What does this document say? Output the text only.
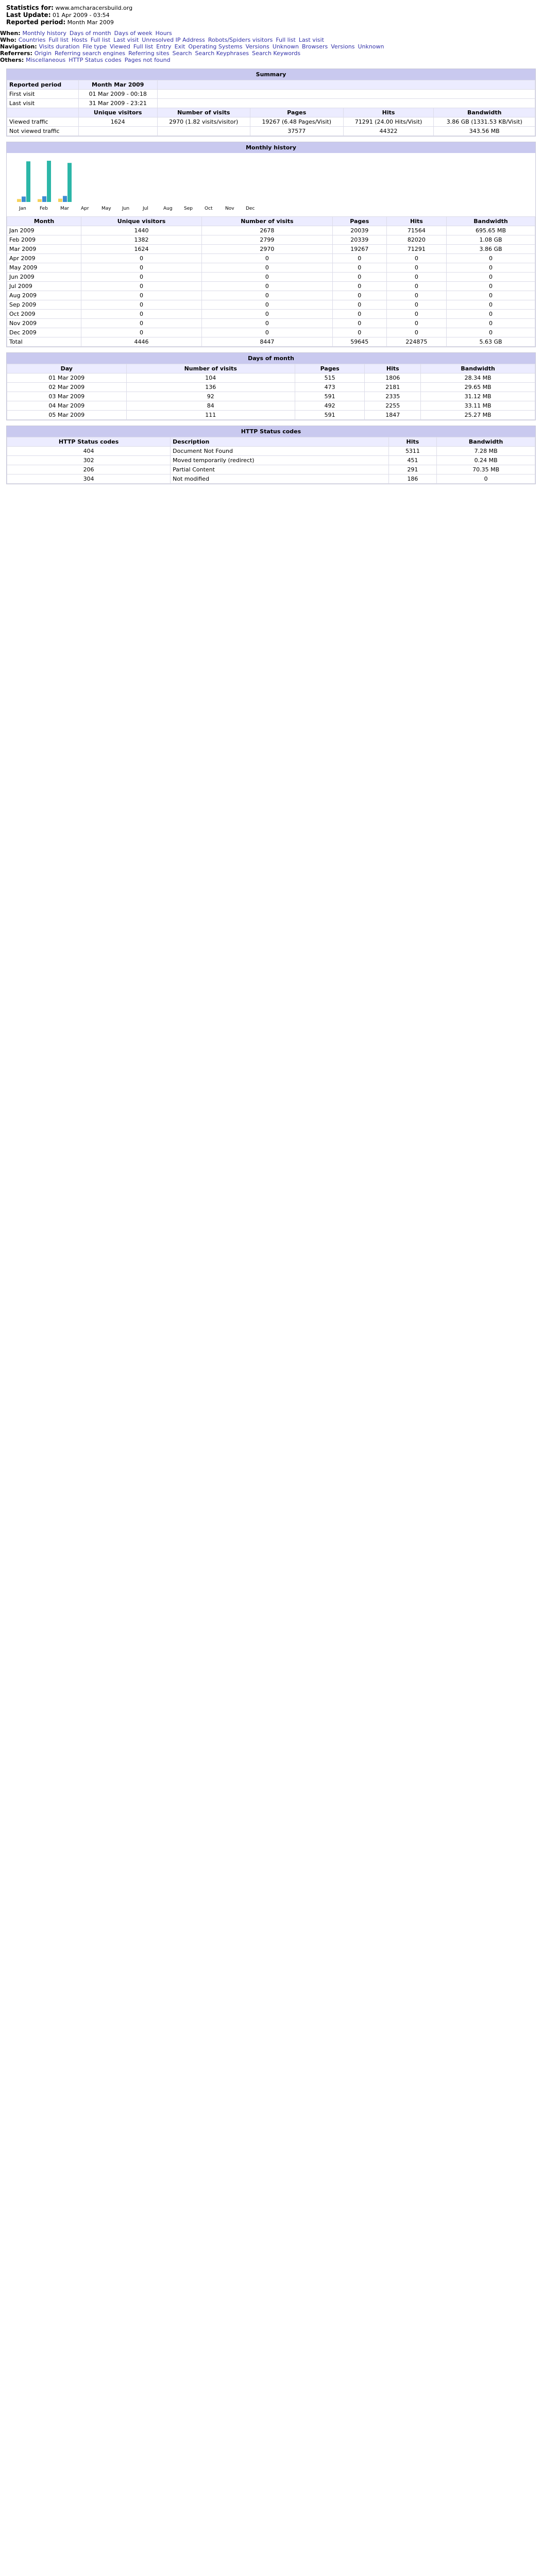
Statistics for: www.amcharacersbuild.org
Last Update: 01 Apr 2009 - 03:54
Reported period: Month Mar 2009
When: Monthly history Days of month Days of week Hours
Who: Countries Full list Hosts Full list Last visit Unresolved IP Address Robots/Spiders visitors Full list Last visit
Navigation: Visits duration File type Viewed Full list Entry Exit Operating Systems Versions Unknown Browsers Versions Unknown
Referrers: Origin Referring search engines Referring sites Search Search Keyphrases Search Keywords
Others: Miscellaneous HTTP Status codes Pages not found
Summary
Reported period	Month Mar 2009				
First visit	01 Mar 2009 - 00:18				
Last visit	31 Mar 2009 - 23:21				
	Unique visitors	Number of visits	Pages	Hits	Bandwidth
Viewed traffic	1624	2970 (1.82 visits/visitor)	19267 (6.48 Pages/Visit)	71291 (24.00 Hits/Visit)	3.86 GB (1331.53 KB/Visit)
Not viewed traffic			37577	44322	343.56 MB
Monthly history
Jan	Feb	Mar	Apr	May Jun	Jul	Aug Sep	Oct	Nov Dec
Month	Unique visitors	Number of visits	Pages	Hits	Bandwidth
Jan 2009	1440	2678	20039	71564	695.65 MB
Feb 2009	1382	2799	20339	82020	1.08 GB
Mar 2009	1624	2970	19267	71291	3.86 GB
Apr 2009	0	0	0	0	0
May 2009	0	0	0	0	0
Jun 2009	0	0	0	0	0
Jul 2009	0	0	0	0	0
Aug 2009	0	0	0	0	0
Sep 2009	0	0	0	0	0
Oct 2009	0	0	0	0	0
Nov 2009	0	0	0	0	0
Dec 2009	0	0	0	0	0
Total	4446	8447	59645	224875	5.63 GB
Days of month
Day	Number of visits	Pages	Hits	Bandwidth
01 Mar 2009	104	515	1806	28.34 MB
02 Mar 2009	136	473	2181	29.65 MB
03 Mar 2009	92	591	2335	31.12 MB
04 Mar 2009	84	492	2255	33.11 MB
05 Mar 2009	111	591	1847	25.27 MB
HTTP Status codes
HTTP Status codes	Description	Hits	Bandwidth
404	Document Not Found	5311	7.28 MB
302	Moved temporarily (redirect)	451	0.24 MB
206	Partial Content	291	70.35 MB
304	Not modified	186	0
